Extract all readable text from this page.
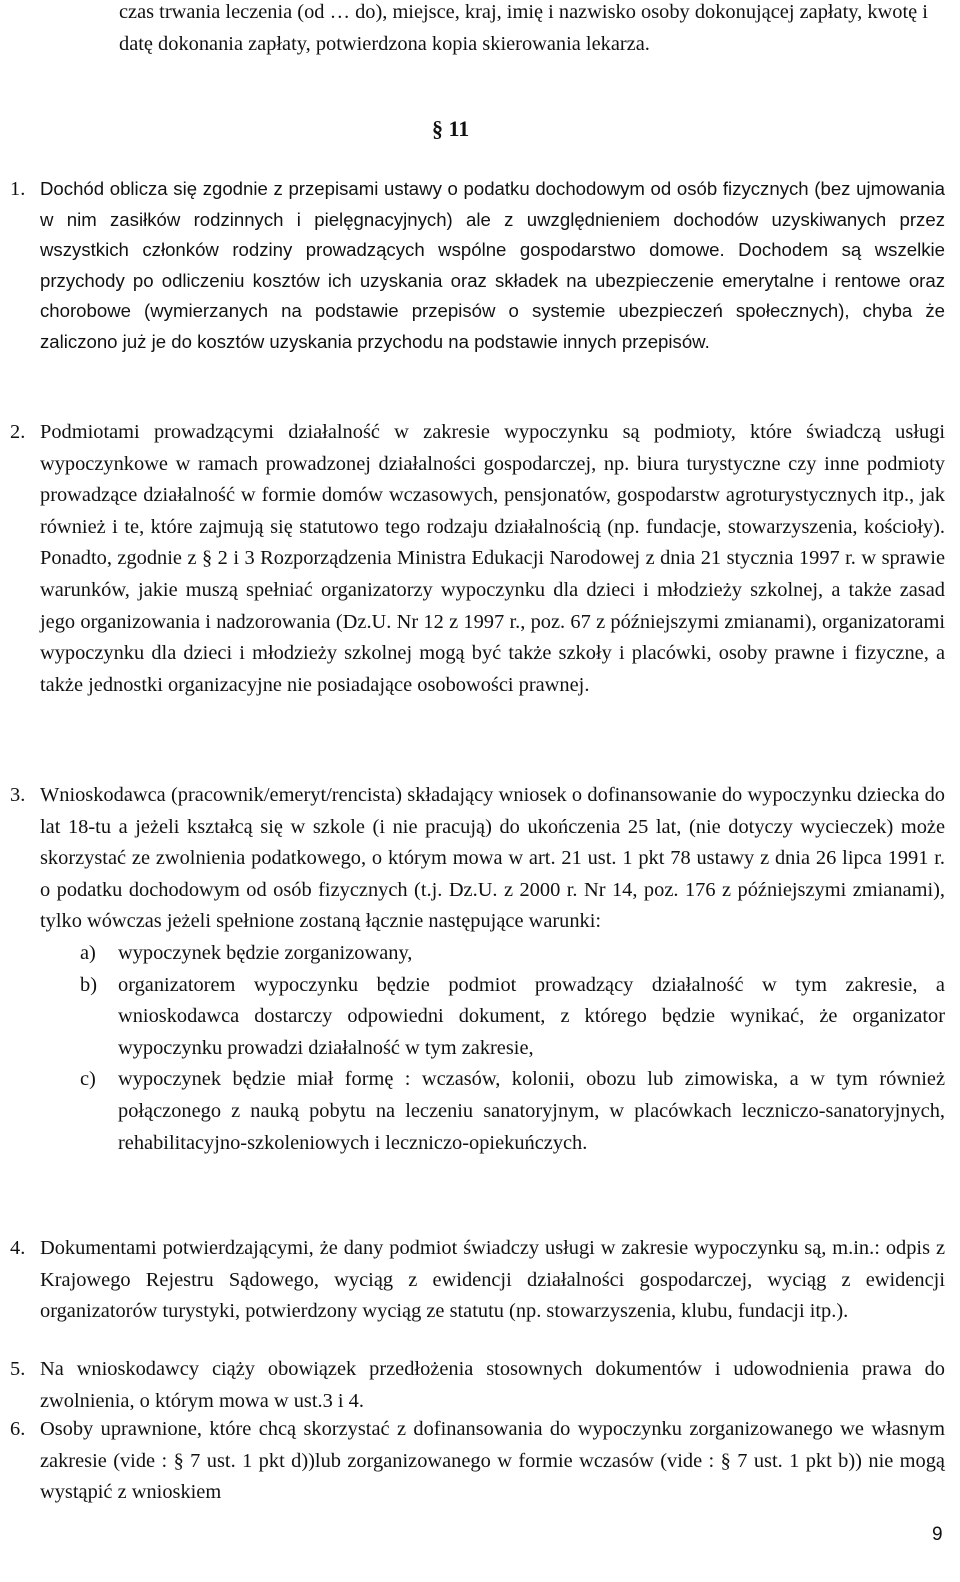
czas trwania leczenia (od … do), miejsce, kraj, imię i nazwisko osoby dokonującej zapłaty, kwotę i datę dokonania zapłaty, potwierdzona kopia skierowania lekarza.

§ 11
1. Dochód oblicza się zgodnie z przepisami ustawy o podatku dochodowym od osób fizycznych (bez ujmowania w nim zasiłków rodzinnych i pielęgnacyjnych) ale z uwzględnieniem dochodów uzyskiwanych przez wszystkich członków rodziny prowadzących wspólne gospodarstwo domowe. Dochodem są wszelkie przychody po odliczeniu kosztów ich uzyskania oraz składek na ubezpieczenie emerytalne i rentowe oraz chorobowe (wymierzanych na podstawie przepisów o systemie ubezpieczeń społecznych), chyba że zaliczono już je do kosztów uzyskania przychodu na podstawie innych przepisów.

2. Podmiotami prowadzącymi działalność w zakresie wypoczynku są podmioty, które świadczą usługi wypoczynkowe w ramach prowadzonej działalności gospodarczej, np. biura turystyczne czy inne podmioty prowadzące działalność w formie domów wczasowych, pensjonatów, gospodarstw agroturystycznych itp., jak również i te, które zajmują się statutowo tego rodzaju działalnością (np. fundacje, stowarzyszenia, kościoły). Ponadto, zgodnie z § 2 i 3 Rozporządzenia Ministra Edukacji Narodowej z dnia 21 stycznia 1997 r. w sprawie warunków, jakie muszą spełniać organizatorzy wypoczynku dla dzieci i młodzieży szkolnej, a także zasad jego organizowania i nadzorowania (Dz.U. Nr 12 z 1997 r., poz. 67 z późniejszymi zmianami), organizatorami wypoczynku dla dzieci i młodzieży szkolnej mogą być także szkoły i placówki, osoby prawne i fizyczne, a także jednostki organizacyjne nie posiadające osobowości prawnej.

3. Wnioskodawca (pracownik/emeryt/rencista) składający wniosek o dofinansowanie do wypoczynku dziecka do lat 18-tu a jeżeli kształcą się w szkole (i nie pracują) do ukończenia 25 lat, (nie dotyczy wycieczek) może skorzystać ze zwolnienia podatkowego, o którym mowa w art. 21 ust. 1 pkt 78 ustawy z dnia 26 lipca 1991 r. o podatku dochodowym od osób fizycznych (t.j. Dz.U. z 2000 r. Nr 14, poz. 176 z późniejszymi zmianami), tylko wówczas jeżeli spełnione zostaną łącznie następujące warunki:

a)	wypoczynek będzie zorganizowany,

b)	organizatorem wypoczynku będzie podmiot prowadzący działalność w tym zakresie, a wnioskodawca dostarczy odpowiedni dokument, z którego będzie wynikać, że organizator wypoczynku prowadzi działalność w tym zakresie,

c)	wypoczynek będzie miał formę : wczasów, kolonii, obozu lub zimowiska, a w tym również połączonego z nauką pobytu na leczeniu sanatoryjnym, w placówkach leczniczo-sanatoryjnych, rehabilitacyjno-szkoleniowych i leczniczo-opiekuńczych.

4. Dokumentami potwierdzającymi, że dany podmiot świadczy usługi w zakresie wypoczynku są, m.in.: odpis z Krajowego Rejestru Sądowego, wyciąg z ewidencji działalności gospodarczej, wyciąg z ewidencji organizatorów turystyki, potwierdzony wyciąg ze statutu (np. stowarzyszenia, klubu, fundacji itp.).

5. Na wnioskodawcy ciąży obowiązek przedłożenia stosownych dokumentów i udowodnienia prawa do zwolnienia, o którym mowa w ust.3 i 4.

6. Osoby uprawnione, które chcą skorzystać z dofinansowania do wypoczynku zorganizowanego we własnym zakresie (vide : § 7 ust. 1 pkt d))lub zorganizowanego w formie wczasów (vide : § 7 ust. 1 pkt b)) nie mogą wystąpić z wnioskiem

9
